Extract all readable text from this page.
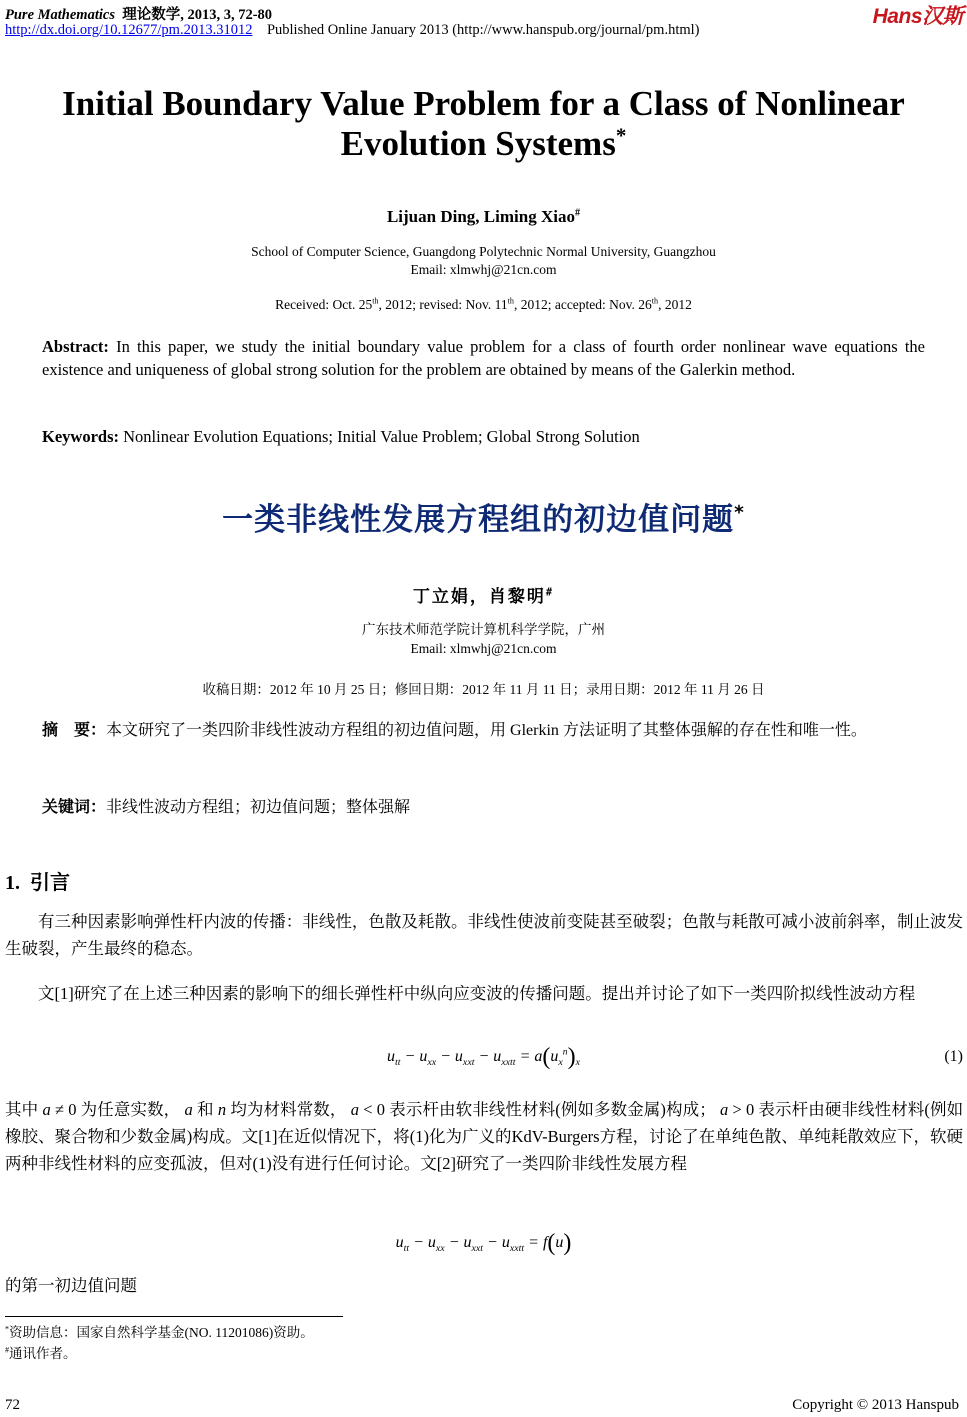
Pure Mathematics 理论数学, 2013, 3, 72-80	Hans汉斯
http://dx.doi.org/10.12677/pm.2013.31012 Published Online January 2013 (http://www.hanspub.org/journal/pm.html)
Initial Boundary Value Problem for a Class of Nonlinear
Evolution Systems*
Lijuan Ding, Liming Xiao#
School of Computer Science, Guangdong Polytechnic Normal University, Guangzhou
Email: xlmwhj@21cn.com
Received: Oct. 25th, 2012; revised: Nov. 11th, 2012; accepted: Nov. 26th, 2012
Abstract: In this paper, we study the initial boundary value problem for a class of fourth order nonlinear wave equations the existence and uniqueness of global strong solution for the problem are obtained by means of the Galerkin method.
Keywords: Nonlinear Evolution Equations; Initial Value Problem; Global Strong Solution
一类非线性发展方程组的初边值问题*
丁立娟，肖黎明#
广东技术师范学院计算机科学学院，广州
Email: xlmwhj@21cn.com
收稿日期：2012 年 10 月 25 日；修回日期：2012 年 11 月 11 日；录用日期：2012 年 11 月 26 日
摘　要：本文研究了一类四阶非线性波动方程组的初边值问题，用 Glerkin 方法证明了其整体强解的存在性和唯一性。
关键词：非线性波动方程组；初边值问题；整体强解
1. 引言
  有三种因素影响弹性杆内波的传播：非线性，色散及耗散。非线性使波前变陡甚至破裂；色散与耗散可减小波前斜率，制止波发生破裂，产生最终的稳态。
  文[1]研究了在上述三种因素的影响下的细长弹性杆中纵向应变波的传播问题。提出并讨论了如下一类四阶拟线性波动方程
$u_{tt} - u_{xx} - u_{xxt} - u_{xxtt} = a(u_x^n)_x$	(1)
其中 a ≠ 0 为任意实数， a 和 n 均为材料常数， a < 0 表示杆由软非线性材料(例如多数金属)构成； a > 0 表示杆由硬非线性材料(例如橡胶、聚合物和少数金属)构成。文[1]在近似情况下，将(1)化为广义的KdV-Burgers方程，讨论了在单纯色散、单纯耗散效应下，软硬两种非线性材料的应变孤波，但对(1)没有进行任何讨论。文[2]研究了一类四阶非线性发展方程
$u_{tt} - u_{xx} - u_{xxt} - u_{xxtt} = f(u)$
的第一初边值问题
*资助信息：国家自然科学基金(NO. 11201086)资助。
#通讯作者。
72	Copyright © 2013 Hanspub
